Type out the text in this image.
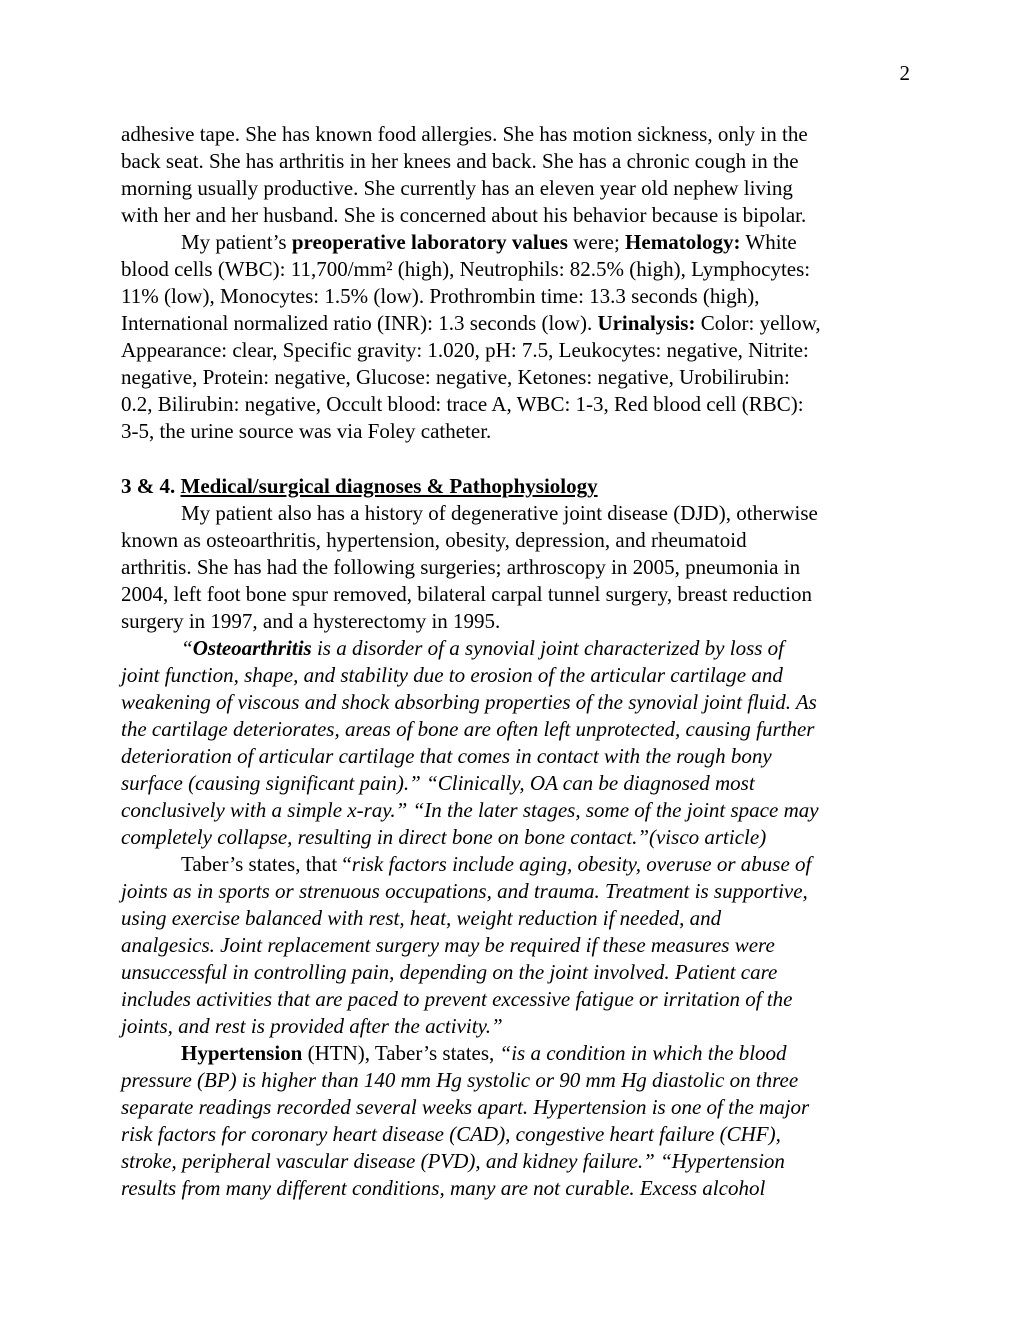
2
adhesive tape. She has known food allergies. She has motion sickness, only in the
back seat. She has arthritis in her knees and back. She has a chronic cough in the
morning usually productive. She currently has an eleven year old nephew living
with her and her husband. She is concerned about his behavior because is bipolar.
My patient’s preoperative laboratory values were; Hematology: White
blood cells (WBC): 11,700/mm² (high), Neutrophils: 82.5% (high), Lymphocytes:
11% (low), Monocytes: 1.5% (low). Prothrombin time: 13.3 seconds (high),
International normalized ratio (INR): 1.3 seconds (low). Urinalysis: Color: yellow,
Appearance: clear, Specific gravity: 1.020, pH: 7.5, Leukocytes: negative, Nitrite:
negative, Protein: negative, Glucose: negative, Ketones: negative, Urobilirubin:
0.2, Bilirubin: negative, Occult blood: trace A, WBC: 1-3, Red blood cell (RBC):
3-5, the urine source was via Foley catheter.
3 & 4. Medical/surgical diagnoses & Pathophysiology
My patient also has a history of degenerative joint disease (DJD), otherwise
known as osteoarthritis, hypertension, obesity, depression, and rheumatoid
arthritis. She has had the following surgeries; arthroscopy in 2005, pneumonia in
2004, left foot bone spur removed, bilateral carpal tunnel surgery, breast reduction
surgery in 1997, and a hysterectomy in 1995.
“Osteoarthritis is a disorder of a synovial joint characterized by loss of
joint function, shape, and stability due to erosion of the articular cartilage and
weakening of viscous and shock absorbing properties of the synovial joint fluid. As
the cartilage deteriorates, areas of bone are often left unprotected, causing further
deterioration of articular cartilage that comes in contact with the rough bony
surface (causing significant pain).” “Clinically, OA can be diagnosed most
conclusively with a simple x-ray.” “In the later stages, some of the joint space may
completely collapse, resulting in direct bone on bone contact.”(visco article)
Taber’s states, that “risk factors include aging, obesity, overuse or abuse of
joints as in sports or strenuous occupations, and trauma. Treatment is supportive,
using exercise balanced with rest, heat, weight reduction if needed, and
analgesics. Joint replacement surgery may be required if these measures were
unsuccessful in controlling pain, depending on the joint involved. Patient care
includes activities that are paced to prevent excessive fatigue or irritation of the
joints, and rest is provided after the activity.”
Hypertension (HTN), Taber’s states, “is a condition in which the blood
pressure (BP) is higher than 140 mm Hg systolic or 90 mm Hg diastolic on three
separate readings recorded several weeks apart. Hypertension is one of the major
risk factors for coronary heart disease (CAD), congestive heart failure (CHF),
stroke, peripheral vascular disease (PVD), and kidney failure.” “Hypertension
results from many different conditions, many are not curable. Excess alcohol
